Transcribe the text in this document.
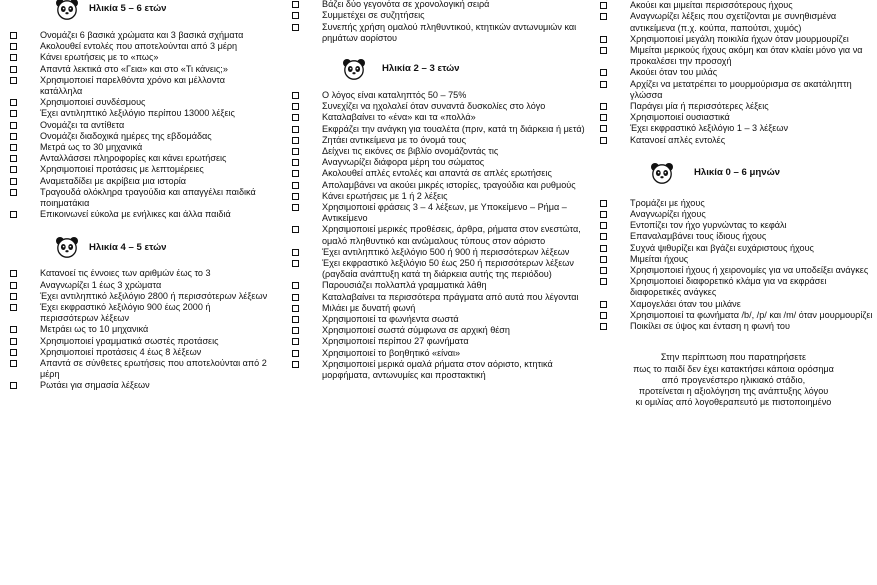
Ηλικία 5 – 6 ετών
Ονομάζει 6 βασικά χρώματα και 3 βασικά σχήματα
Ακολουθεί εντολές που αποτελούνται από 3 μέρη
Κάνει ερωτήσεις με το «πως»
Απαντά λεκτικά στο «Γεια» και στο «Τι κάνεις;»
Χρησιμοποιεί παρελθόντα χρόνο και μέλλοντα κατάλληλα
Χρησιμοποιεί συνδέσμους
Έχει αντιληπτικό λεξιλόγιο περίπου 13000 λέξεις
Ονομάζει τα αντίθετα
Ονομάζει διαδοχικά ημέρες της εβδομάδας
Μετρά ως το 30 μηχανικά
Ανταλλάσσει πληροφορίες και κάνει ερωτήσεις
Χρησιμοποιεί προτάσεις με λεπτομέρειες
Αναμεταδίδει με ακρίβεια μια ιστορία
Τραγουδά ολόκληρα τραγούδια και απαγγέλει παιδικά ποιηματάκια
Επικοινωνεί εύκολα με ενήλικες και άλλα παιδιά
Ηλικία 4 – 5 ετών
Κατανοεί τις έννοιες των αριθμών έως το 3
Αναγνωρίζει 1 έως 3 χρώματα
Έχει αντιληπτικό λεξιλόγιο 2800 ή περισσότερων λέξεων
Έχει εκφραστικό λεξιλόγιο 900 έως 2000 ή περισσότερων λέξεων
Μετράει ως το 10 μηχανικά
Χρησιμοποιεί γραμματικά σωστές προτάσεις
Χρησιμοποιεί προτάσεις 4 έως 8 λέξεων
Απαντά σε σύνθετες ερωτήσεις που αποτελούνται από 2 μέρη
Ρωτάει για σημασία λέξεων
Βάζει δύο γεγονότα σε χρονολογική σειρά
Συμμετέχει σε συζητήσεις
Συνεπής χρήση ομαλού πληθυντικού, κτητικών αντωνυμιών και ρημάτων αορίστου
Ηλικία 2 – 3 ετών
Ο λόγος είναι καταληπτός 50 – 75%
Συνεχίζει να ηχολαλεί όταν συναντά δυσκολίες στο λόγο
Καταλαβαίνει το «ένα» και τα «πολλά»
Εκφράζει την ανάγκη για τουαλέτα (πριν, κατά τη διάρκεια ή μετά)
Ζητάει αντικείμενα με το όνομά τους
Δείχνει τις εικόνες σε βιβλίο ονομάζοντάς τις
Αναγνωρίζει διάφορα μέρη του σώματος
Ακολουθεί απλές εντολές και απαντά σε απλές ερωτήσεις
Απολαμβάνει να ακούει μικρές ιστορίες, τραγούδια και ρυθμούς
Κάνει ερωτήσεις με 1 ή 2 λέξεις
Χρησιμοποιεί φράσεις 3 – 4 λέξεων, με Υποκείμενο – Ρήμα – Αντικείμενο
Χρησιμοποιεί μερικές προθέσεις, άρθρα, ρήματα στον ενεστώτα, ομαλό πληθυντικό και ανώμαλους τύπους στον αόριστο
Έχει αντιληπτικό λεξιλόγιο 500 ή 900 ή περισσότερων λέξεων
Έχει εκφραστικό λεξιλόγιο 50 έως 250 ή περισσότερων λέξεων (ραγδαία ανάπτυξη κατά τη διάρκεια αυτής της περιόδου)
Παρουσιάζει πολλαπλά γραμματικά λάθη
Καταλαβαίνει τα περισσότερα πράγματα από αυτά που λέγονται
Μιλάει με δυνατή φωνή
Χρησιμοποιεί τα φωνήεντα σωστά
Χρησιμοποιεί σωστά σύμφωνα σε αρχική θέση
Χρησιμοποιεί περίπου 27 φωνήματα
Χρησιμοποιεί το βοηθητικό «είναι»
Χρησιμοποιεί μερικά ομαλά ρήματα στον αόριστο, κτητικά μορφήματα, αντωνυμίες και προστακτική
Ακούει και μιμείται περισσότερους ήχους
Αναγνωρίζει λέξεις που σχετίζονται με συνηθισμένα αντικείμενα (π.χ. κούπα, παπούτσι, χυμός)
Χρησιμοποιεί μεγάλη ποικιλία ήχων όταν μουρμουρίζει
Μιμείται μερικούς ήχους ακόμη και όταν κλαίει μόνο για να προκαλέσει την προσοχή
Ακούει όταν του μιλάς
Αρχίζει να μετατρέπει το μουρμούρισμα σε ακατάληπτη γλώσσα
Παράγει μία ή περισσότερες λέξεις
Χρησιμοποιεί ουσιαστικά
Έχει εκφραστικό λεξιλόγιο 1 – 3 λέξεων
Κατανοεί απλές εντολές
Ηλικία 0 – 6 μηνών
Τρομάζει με ήχους
Αναγνωρίζει ήχους
Εντοπίζει τον ήχο γυρνώντας το κεφάλι
Επαναλαμβάνει τους ίδιους ήχους
Συχνά ψιθυρίζει και βγάζει ευχάριστους ήχους
Μιμείται ήχους
Χρησιμοποιεί ήχους ή χειρονομίες για να υποδείξει ανάγκες
Χρησιμοποιεί διαφορετικό κλάμα για να εκφράσει διαφορετικές ανάγκες
Χαμογελάει όταν του μιλάνε
Χρησιμοποιεί τα φωνήματα /b/, /p/ και /m/ όταν μουρμουρίζει
Ποικίλει σε ύψος και ένταση η φωνή του
Στην περίπτωση που παρατηρήσετε
πως το παιδί δεν έχει κατακτήσει κάποια ορόσημα
από προγενέστερο ηλικιακό στάδιο,
προτείνεται η αξιολόγηση της ανάπτυξης λόγου
κι ομιλίας από λογοθεραπευτό με πιστοποιημένο
